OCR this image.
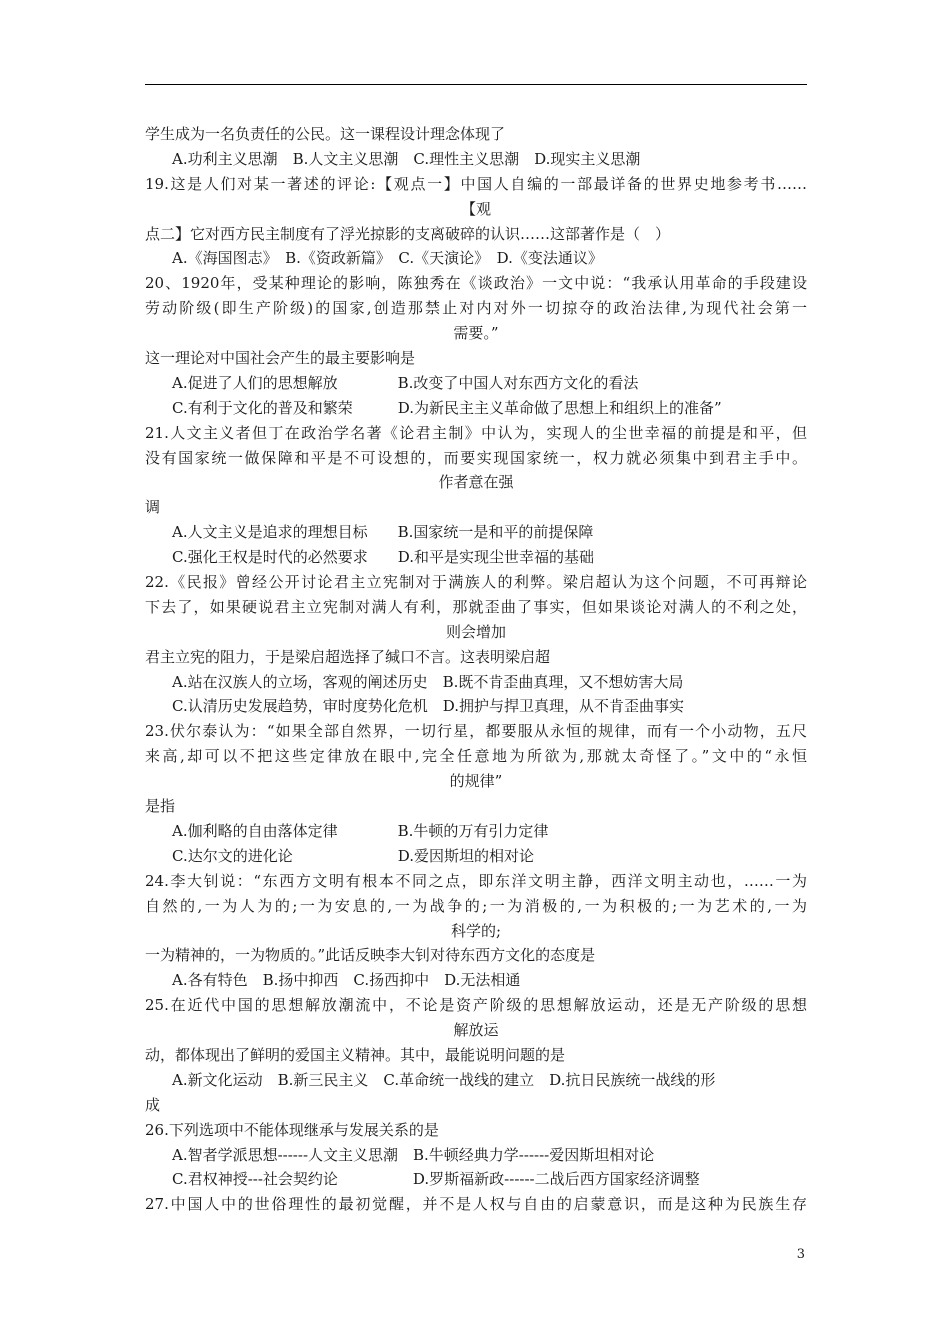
学生成为一名负责任的公民。这一课程设计理念体现了
A.功利主义思潮　B.人文主义思潮　C.理性主义思潮　D.现实主义思潮
19.这是人们对某一著述的评论:【观点一】中国人自编的一部最详备的世界史地参考书……
【观
点二】它对西方民主制度有了浮光掠影的支离破碎的认识……这部著作是（　）
A.《海国图志》　B.《资政新篇》　C.《天演论》　D.《变法通议》
20、1920年，受某种理论的影响，陈独秀在《谈政治》一文中说：“我承认用革命的手段建设
劳动阶级(即生产阶级)的国家,创造那禁止对内对外一切掠夺的政治法律,为现代社会第一
需要。”
这一理论对中国社会产生的最主要影响是
A.促进了人们的思想解放　　　　B.改变了中国人对东西方文化的看法
C.有利于文化的普及和繁荣　　　D.为新民主主义革命做了思想上和组织上的准备”
21.人文主义者但丁在政治学名著《论君主制》中认为，实现人的尘世幸福的前提是和平，但
没有国家统一做保障和平是不可设想的，而要实现国家统一，权力就必须集中到君主手中。
作者意在强
调
A.人文主义是追求的理想目标　　B.国家统一是和平的前提保障
C.强化王权是时代的必然要求　　D.和平是实现尘世幸福的基础
22.《民报》曾经公开讨论君主立宪制对于满族人的利弊。梁启超认为这个问题，不可再辩论
下去了，如果硬说君主立宪制对满人有利，那就歪曲了事实，但如果谈论对满人的不利之处，
则会增加
君主立宪的阻力，于是梁启超选择了缄口不言。这表明梁启超
A.站在汉族人的立场，客观的阐述历史　B.既不肯歪曲真理，又不想妨害大局
C.认清历史发展趋势，审时度势化危机　D.拥护与捍卫真理，从不肯歪曲事实
23.伏尔泰认为：“如果全部自然界，一切行星，都要服从永恒的规律，而有一个小动物，五尺
来高,却可以不把这些定律放在眼中,完全任意地为所欲为,那就太奇怪了。”文中的“永恒
的规律”
是指
A.伽利略的自由落体定律　　　　B.牛顿的万有引力定律
C.达尔文的进化论　　　　　　　D.爱因斯坦的相对论
24.李大钊说：“东西方文明有根本不同之点，即东洋文明主静，西洋文明主动也，……一为
自然的,一为人为的;一为安息的,一为战争的;一为消极的,一为积极的;一为艺术的,一为
科学的;
一为精神的，一为物质的。”此话反映李大钊对待东西方文化的态度是
A.各有特色　B.扬中抑西　C.扬西抑中　D.无法相通
25.在近代中国的思想解放潮流中，不论是资产阶级的思想解放运动，还是无产阶级的思想
解放运
动，都体现出了鲜明的爱国主义精神。其中，最能说明问题的是
A.新文化运动　B.新三民主义　C.革命统一战线的建立　D.抗日民族统一战线的形
成
26.下列选项中不能体现继承与发展关系的是
A.智者学派思想------人文主义思潮　B.牛顿经典力学------爱因斯坦相对论
C.君权神授---社会契约论　　　　　D.罗斯福新政------二战后西方国家经济调整
27.中国人中的世俗理性的最初觉醒，并不是人权与自由的启蒙意识，而是这种为民族生存
3
